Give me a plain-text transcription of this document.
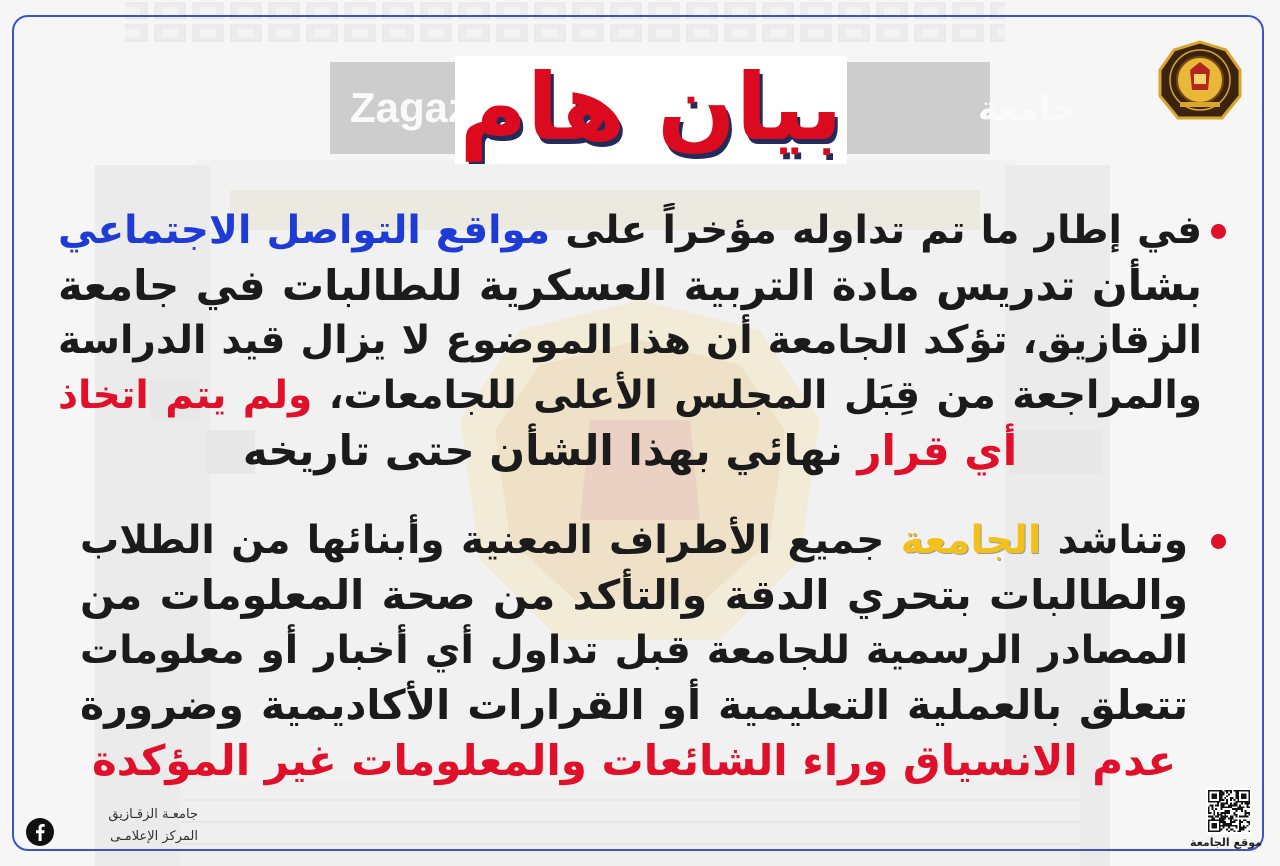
بيان هام
في إطار ما تم تداوله مؤخراً على مواقع التواصل الاجتماعي
بشأن تدريس مادة التربية العسكرية للطالبات في جامعة
الزقازيق، تؤكد الجامعة أن هذا الموضوع لا يزال قيد الدراسة
والمراجعة من قِبَل المجلس الأعلى للجامعات، ولم يتم اتخاذ
أي قرار نهائي بهذا الشأن حتى تاريخه
وتناشد الجامعة جميع الأطراف المعنية وأبنائها من الطلاب
والطالبات بتحري الدقة والتأكد من صحة المعلومات من
المصادر الرسمية للجامعة قبل تداول أي أخبار أو معلومات
تتعلق بالعملية التعليمية أو القرارات الأكاديمية وضرورة
عدم الانسياق وراء الشائعات والمعلومات غير المؤكدة
جامعـة الزقـازيق
المركز الإعلامـى	موقع الجامعة
